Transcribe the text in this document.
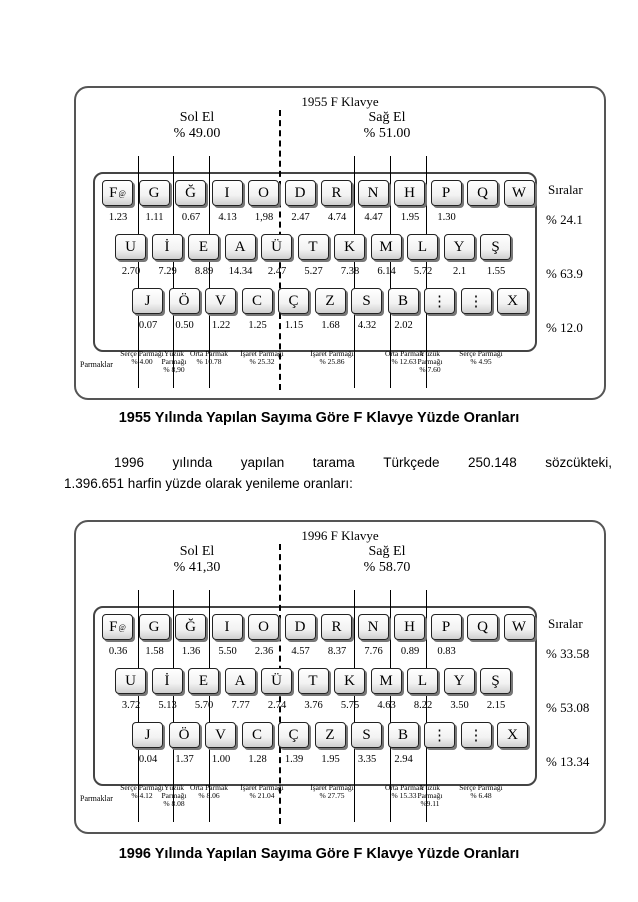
1955 F Klavye
Sol El
% 49.00
Sağ El
% 51.00
Sıralar
F @ G Ğ I O D R N H P Q W
1.23	1.11	0.67	4.13	1,98	2.47	4.74	4.47	1.95	1.30	% 24.1
U İ E A Ü T K M L Y Ş
2.70	7.29	8.89	14.34	2.47	5.27	7.38	6.14	5.72	2.1	1.55	% 63.9
J Ö V C Ç Z S B ⋮ ⋮ X
0.07	0.50	1.22	1.25	1.15	1.68	4.32	2.02	% 12.0
Parmaklar
Serçe Parmağı
% 4.00
Yüzük Parmağı
% 8,90
Orta Parmak
% 10.78
İşaret Parmağı
% 25.32
İşaret Parmağı
% 25.86
Orta Parmak
% 12.63
Yüzük Parmağı
% 7.60
Serçe Parmağı
% 4.95
1955 Yılında Yapılan Sayıma Göre F Klavye Yüzde Oranları
1996 yılında yapılan tarama Türkçede 250.148 sözcükteki,
1.396.651 harfin yüzde olarak yenileme oranları:
1996 F Klavye
Sol El
% 41,30
Sağ El
% 58.70
Sıralar
F @ G Ğ I O D R N H P Q W
0.36	1.58	1.36	5.50	2.36	4.57	8.37	7.76	0.89	0.83	% 33.58
U İ E A Ü T K M L Y Ş
3.72	5.13	5.70	7.77	2.74	3.76	5.75	4.63	8.22	3.50	2.15	% 53.08
J Ö V C Ç Z S B ⋮ ⋮ X
0.04	1.37	1.00	1.28	1.39	1.95	3.35	2.94	% 13.34
Parmaklar
Serçe Parmağı
% 4.12
Yüzük Parmağı
% 8.08
Orta Parmak
% 8.06
İşaret Parmağı
% 21.04
İşaret Parmağı
% 27.75
Orta Parmak
% 15.33
Yüzük Parmağı
%9.11
Serçe Parmağı
% 6.48
1996 Yılında Yapılan Sayıma Göre F Klavye Yüzde Oranları
